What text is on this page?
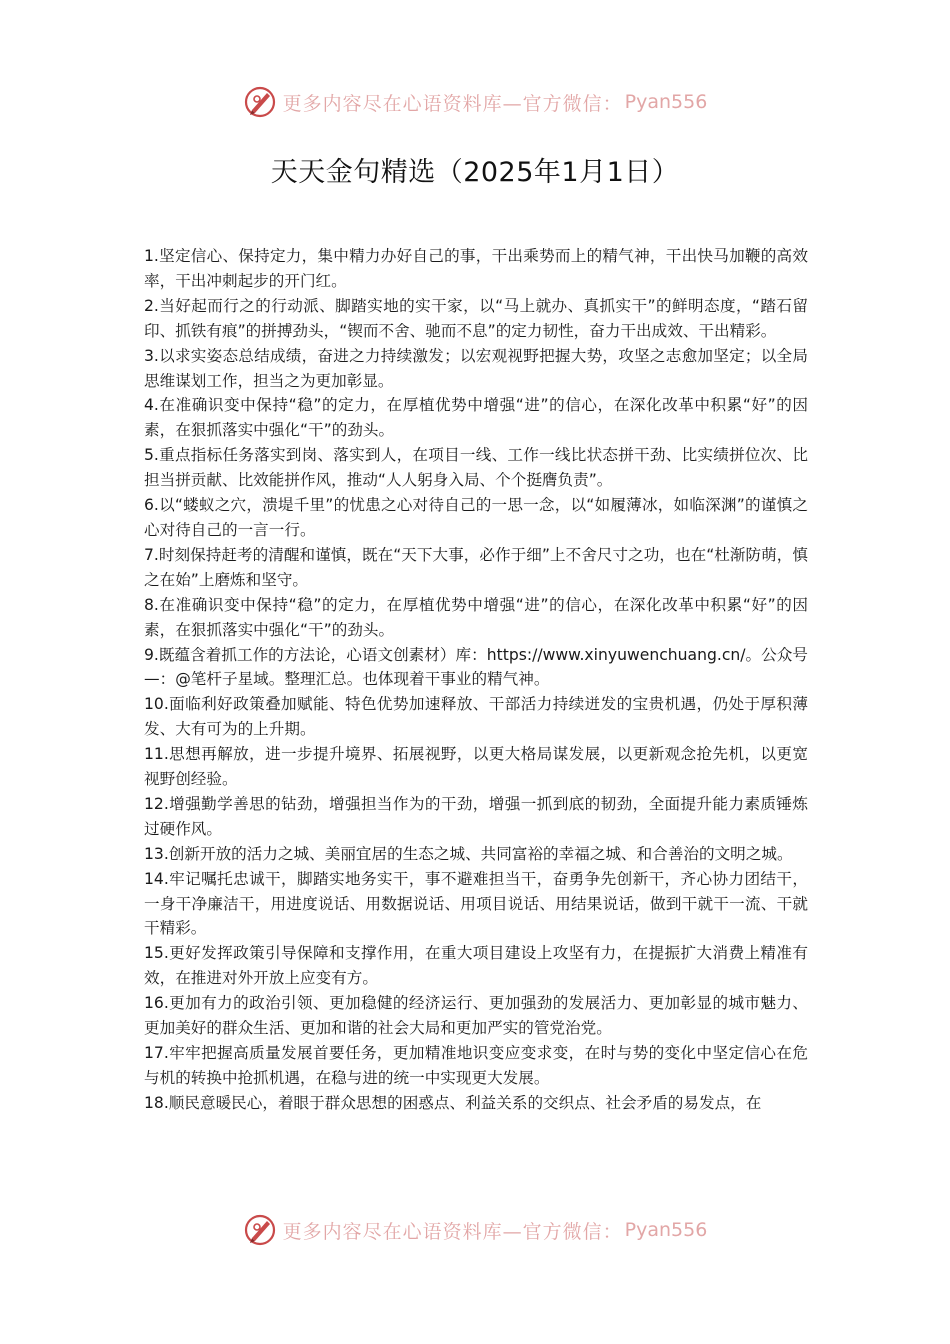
更多内容尽在心语资料库—官方微信： Pyan556
天天金句精选（2025年1月1日）

1.坚定信心、保持定力，集中精力办好自己的事，干出乘势而上的精气神，干出快马加鞭的高效率，干出冲刺起步的开门红。

2.当好起而行之的行动派、脚踏实地的实干家，以“马上就办、真抓实干”的鲜明态度，“踏石留印、抓铁有痕”的拼搏劲头，“锲而不舍、驰而不息”的定力韧性，奋力干出成效、干出精彩。

3.以求实姿态总结成绩，奋进之力持续激发；以宏观视野把握大势，攻坚之志愈加坚定；以全局思维谋划工作，担当之为更加彰显。

4.在准确识变中保持“稳”的定力，在厚植优势中增强“进”的信心，在深化改革中积累“好”的因素，在狠抓落实中强化“干”的劲头。

5.重点指标任务落实到岗、落实到人，在项目一线、工作一线比状态拼干劲、比实绩拼位次、比担当拼贡献、比效能拼作风，推动“人人躬身入局、个个挺膺负责”。

6.以“蝼蚁之穴，溃堤千里”的忧患之心对待自己的一思一念，以“如履薄冰，如临深渊”的谨慎之心对待自己的一言一行。

7.时刻保持赶考的清醒和谨慎，既在“天下大事，必作于细”上不舍尺寸之功，也在“杜渐防萌，慎之在始”上磨炼和坚守。

8.在准确识变中保持“稳”的定力，在厚植优势中增强“进”的信心，在深化改革中积累“好”的因素，在狠抓落实中强化“干”的劲头。

9.既蕴含着抓工作的方法论，心语文创素材）库：https://www.xinyuwenchuang.cn/。公众号—：@笔杆子星域。整理汇总。也体现着干事业的精气神。

10.面临利好政策叠加赋能、特色优势加速释放、干部活力持续迸发的宝贵机遇，仍处于厚积薄发、大有可为的上升期。

11.思想再解放，进一步提升境界、拓展视野，以更大格局谋发展，以更新观念抢先机，以更宽视野创经验。

12.增强勤学善思的钻劲，增强担当作为的干劲，增强一抓到底的韧劲，全面提升能力素质锤炼过硬作风。

13.创新开放的活力之城、美丽宜居的生态之城、共同富裕的幸福之城、和合善治的文明之城。

14.牢记嘱托忠诚干，脚踏实地务实干，事不避难担当干，奋勇争先创新干，齐心协力团结干，一身干净廉洁干，用进度说话、用数据说话、用项目说话、用结果说话，做到干就干一流、干就干精彩。

15.更好发挥政策引导保障和支撑作用，在重大项目建设上攻坚有力，在提振扩大消费上精准有效，在推进对外开放上应变有方。

16.更加有力的政治引领、更加稳健的经济运行、更加强劲的发展活力、更加彰显的城市魅力、更加美好的群众生活、更加和谐的社会大局和更加严实的管党治党。

17.牢牢把握高质量发展首要任务，更加精准地识变应变求变，在时与势的变化中坚定信心在危与机的转换中抢抓机遇，在稳与进的统一中实现更大发展。

18.顺民意暖民心，着眼于群众思想的困惑点、利益关系的交织点、社会矛盾的易发点，在

更多内容尽在心语资料库—官方微信： Pyan556
